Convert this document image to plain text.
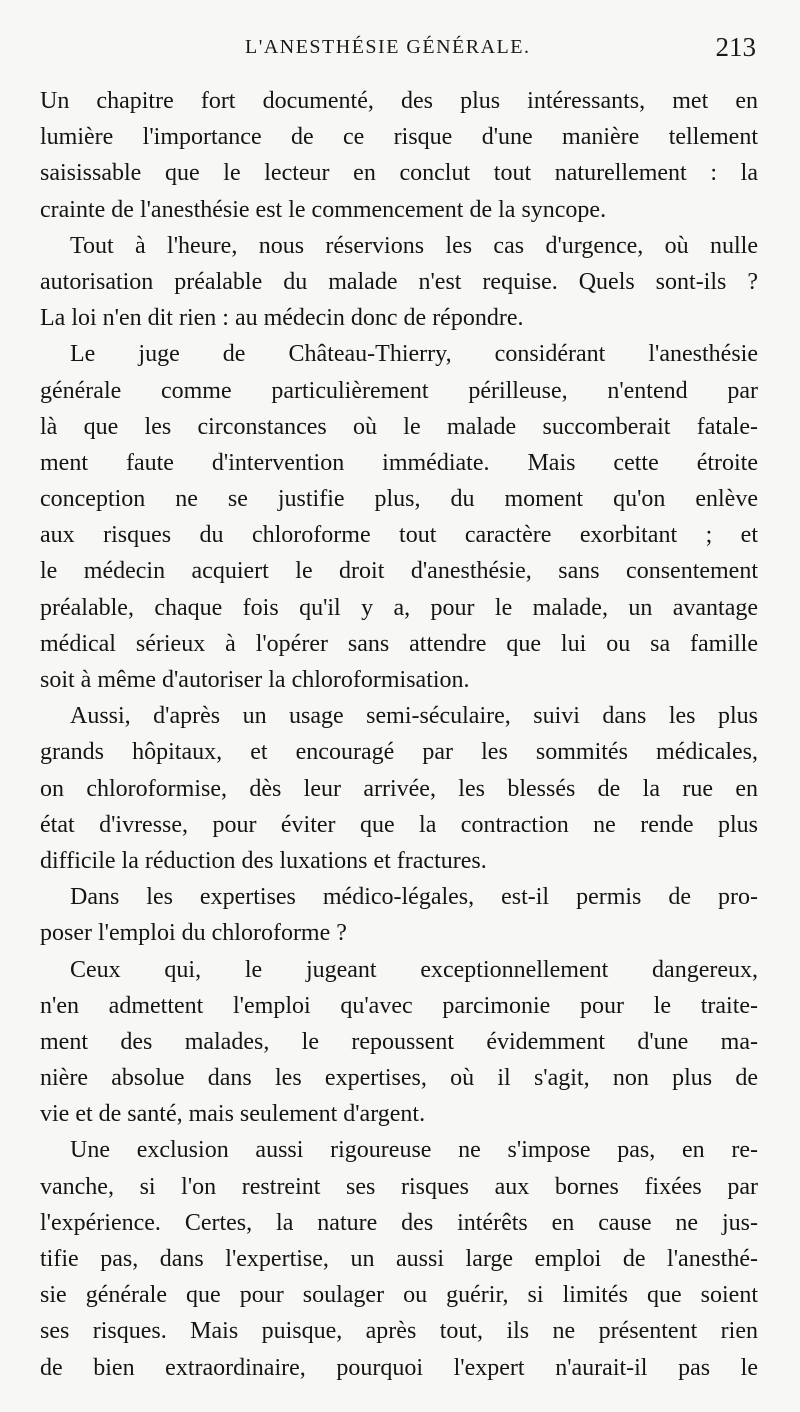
L'ANESTHÉSIE GÉNÉRALE.	213
Un chapitre fort documenté, des plus intéressants, met en
lumière l'importance de ce risque d'une manière tellement
saisissable que le lecteur en conclut tout naturellement : la
crainte de l'anesthésie est le commencement de la syncope.
Tout à l'heure, nous réservions les cas d'urgence, où nulle
autorisation préalable du malade n'est requise. Quels sont-ils ?
La loi n'en dit rien : au médecin donc de répondre.
Le juge de Château-Thierry, considérant l'anesthésie
générale comme particulièrement périlleuse, n'entend par
là que les circonstances où le malade succomberait fatale-
ment faute d'intervention immédiate. Mais cette étroite
conception ne se justifie plus, du moment qu'on enlève
aux risques du chloroforme tout caractère exorbitant ; et
le médecin acquiert le droit d'anesthésie, sans consentement
préalable, chaque fois qu'il y a, pour le malade, un avantage
médical sérieux à l'opérer sans attendre que lui ou sa famille
soit à même d'autoriser la chloroformisation.
Aussi, d'après un usage semi-séculaire, suivi dans les plus
grands hôpitaux, et encouragé par les sommités médicales,
on chloroformise, dès leur arrivée, les blessés de la rue en
état d'ivresse, pour éviter que la contraction ne rende plus
difficile la réduction des luxations et fractures.
Dans les expertises médico-légales, est-il permis de pro-
poser l'emploi du chloroforme ?
Ceux qui, le jugeant exceptionnellement dangereux,
n'en admettent l'emploi qu'avec parcimonie pour le traite-
ment des malades, le repoussent évidemment d'une ma-
nière absolue dans les expertises, où il s'agit, non plus de
vie et de santé, mais seulement d'argent.
Une exclusion aussi rigoureuse ne s'impose pas, en re-
vanche, si l'on restreint ses risques aux bornes fixées par
l'expérience. Certes, la nature des intérêts en cause ne jus-
tifie pas, dans l'expertise, un aussi large emploi de l'anesthé-
sie générale que pour soulager ou guérir, si limités que soient
ses risques. Mais puisque, après tout, ils ne présentent rien
de bien extraordinaire, pourquoi l'expert n'aurait-il pas le
